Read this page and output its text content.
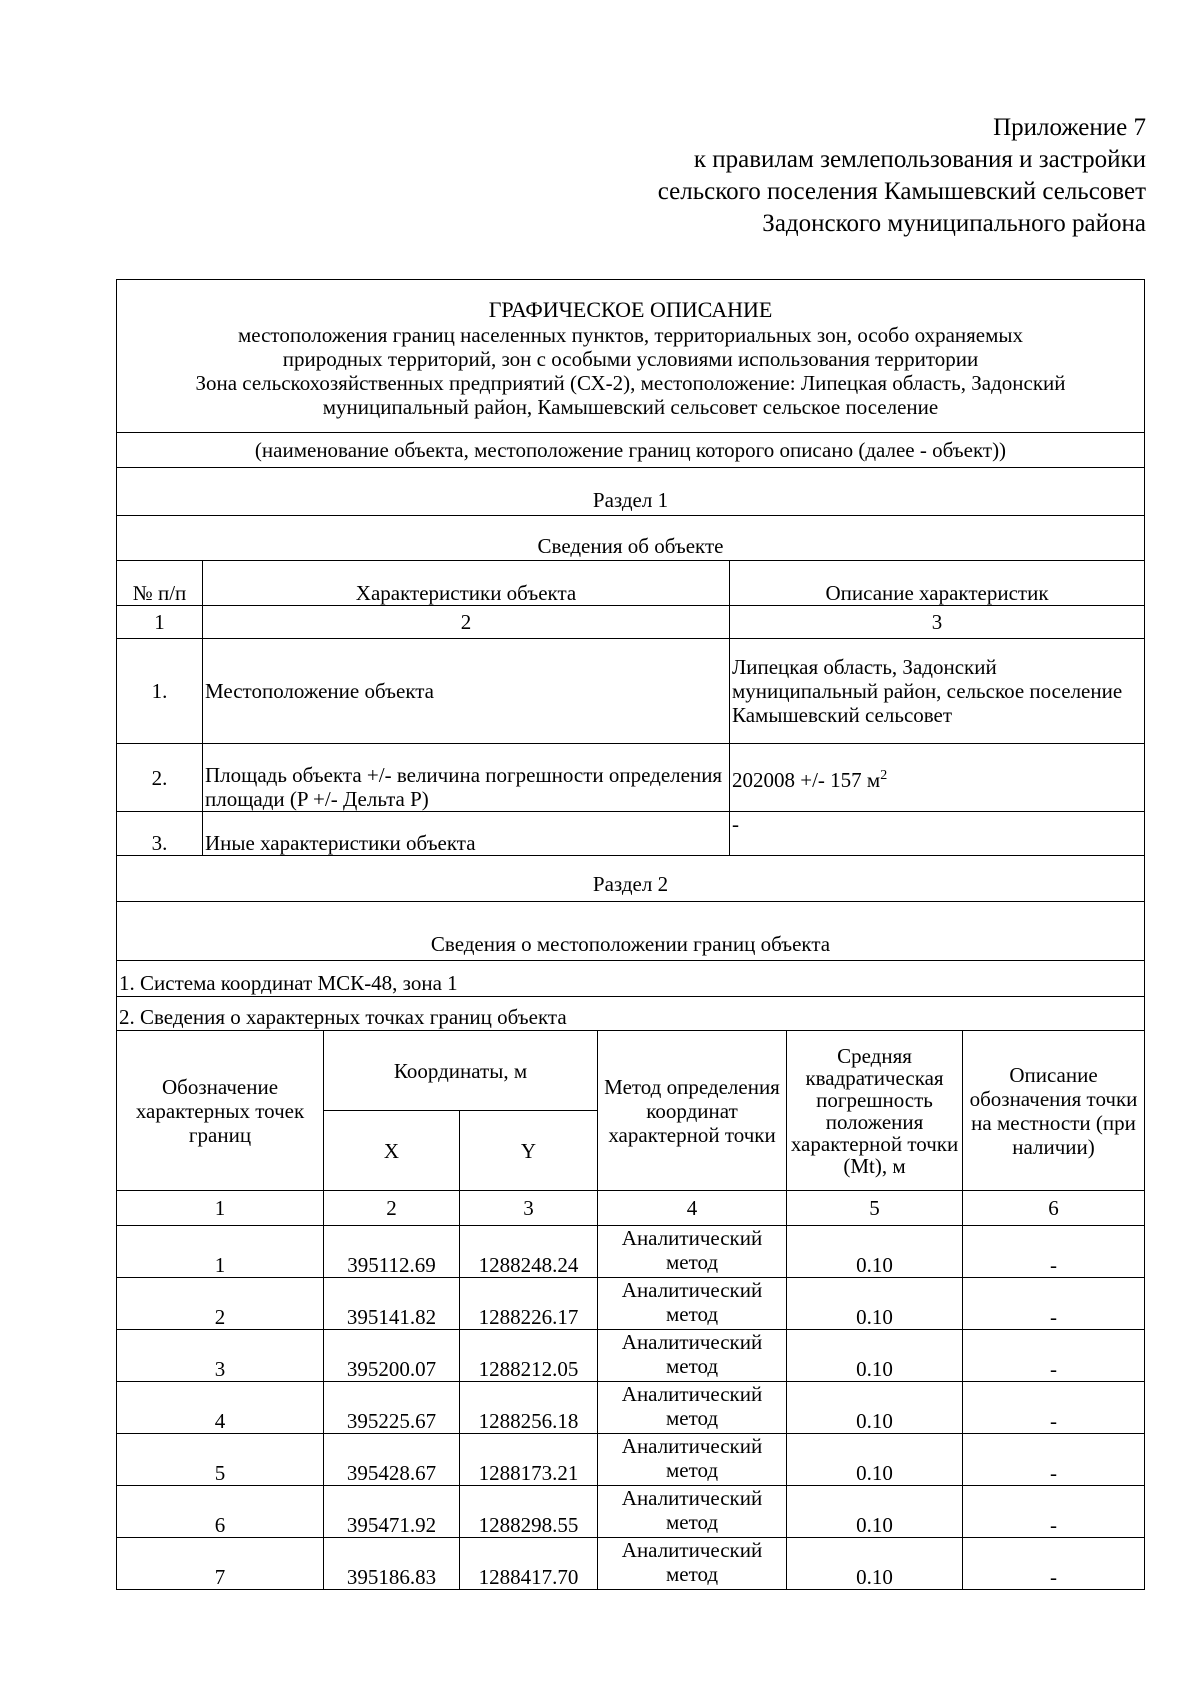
Приложение 7
к правилам землепользования и застройки
сельского поселения Камышевский сельсовет
Задонского муниципального района
ГРАФИЧЕСКОЕ ОПИСАНИЕ
местоположения границ населенных пунктов, территориальных зон, особо охраняемых
природных территорий, зон с особыми условиями использования территории
Зона сельскохозяйственных предприятий (СХ-2), местоположение: Липецкая область, Задонский
муниципальный район, Камышевский сельсовет сельское поселение
(наименование объекта, местоположение границ которого описано (далее - объект))
Раздел 1
Сведения об объекте
№ п/п	Характеристики объекта	Описание характеристик
1	2	3
1.	Местоположение объекта	Липецкая область, Задонский муниципальный район, сельское поселение Камышевский сельсовет
2.	Площадь объекта +/- величина погрешности определения площади (P +/- Дельта P)	202008 +/- 157 $м^2$
3.	Иные характеристики объекта	-
Раздел 2
Сведения о местоположении границ объекта
1. Система координат МСК-48, зона 1
2. Сведения о характерных точках границ объекта
Обозначение характерных точек границ	Координаты, м		Метод определения координат характерной точки	Средняя квадратическая погрешность положения характерной точки (Mt), м	Описание обозначения точки на местности (при наличии)
	X	Y			
1	2	3	4	5	6
1	395112.69	1288248.24	Аналитический метод	0.10	-
2	395141.82	1288226.17	Аналитический метод	0.10	-
3	395200.07	1288212.05	Аналитический метод	0.10	-
4	395225.67	1288256.18	Аналитический метод	0.10	-
5	395428.67	1288173.21	Аналитический метод	0.10	-
6	395471.92	1288298.55	Аналитический метод	0.10	-
7	395186.83	1288417.70	Аналитический метод	0.10	-
